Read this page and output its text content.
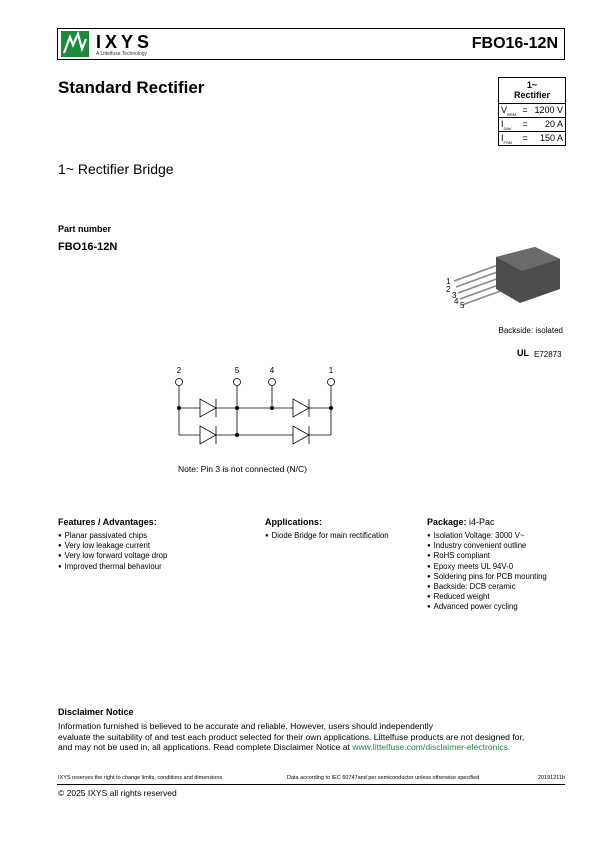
IXYS
A Littelfuse Technology
FBO16-12N
Standard Rectifier	1~
Rectifier
$V_{RRM} = 1200$ V
$I_{DAV}$	=	20 A
$I_{FSM}$	=	150 A
1~ Rectifier Bridge
Part number
FBO16-12N
1
2
3
4 5
Backside: isolated
UL E72873
2	5	4	1
Note: Pin 3 is not connected (N/C)
Features / Advantages:
● Planar passivated chips
● Very low leakage current
● Very low forward voltage drop
● Improved thermal behaviour
Applications:
● Diode Bridge for main rectification
Package: i4-Pac
● Isolation Voltage: 3000 V~
● Industry convenient outline
● RoHS compliant
● Epoxy meets UL 94V-0
● Soldering pins for PCB mounting
● Backside: DCB ceramic
● Reduced weight
● Advanced power cycling
Disclaimer Notice
Information furnished is believed to be accurate and reliable. However, users should independently
evaluate the suitability of and test each product selected for their own applications. Littelfuse products are not designed for,
and may not be used in, all applications. Read complete Disclaimer Notice at www.littelfuse.com/disclaimer-electronics.
IXYS reserves the right to change limits, conditions and dimensions.	Data according to IEC 60747and per semiconductor unless otherwise specified	20191211b
© 2025 IXYS all rights reserved
